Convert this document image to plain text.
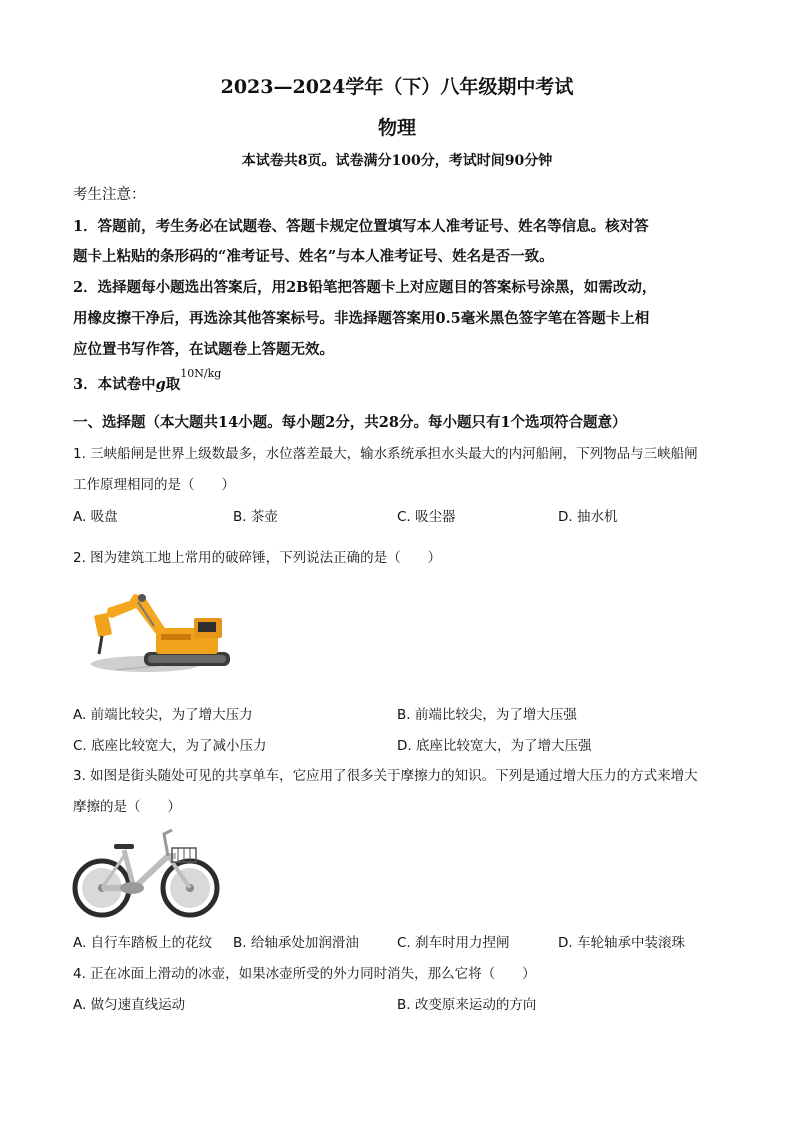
2023—2024学年（下）八年级期中考试
物理
本试卷共8页。试卷满分100分，考试时间90分钟
考生注意：
1．答题前，考生务必在试题卷、答题卡规定位置填写本人准考证号、姓名等信息。核对答
题卡上粘贴的条形码的“准考证号、姓名”与本人准考证号、姓名是否一致。
2．选择题每小题选出答案后，用2B铅笔把答题卡上对应题目的答案标号涂黑，如需改动，
用橡皮擦干净后，再选涂其他答案标号。非选择题答案用0.5毫米黑色签字笔在答题卡上相
应位置书写作答，在试题卷上答题无效。
3．本试卷中g取$^{10N/kg}$
一、选择题（本大题共14小题。每小题2分，共28分。每小题只有1个选项符合题意）
1. 三峡船闸是世界上级数最多，水位落差最大，输水系统承担水头最大的内河船闸，下列物品与三峡船闸
工作原理相同的是（　　）
A. 吸盘	B. 茶壶	C. 吸尘器	D. 抽水机
2. 图为建筑工地上常用的破碎锤，下列说法正确的是（　　）
A. 前端比较尖，为了增大压力	B. 前端比较尖，为了增大压强
C. 底座比较宽大，为了减小压力	D. 底座比较宽大，为了增大压强
3. 如图是街头随处可见的共享单车，它应用了很多关于摩擦力的知识。下列是通过增大压力的方式来增大
摩擦的是（　　）
A. 自行车踏板上的花纹 B. 给轴承处加润滑油	C. 刹车时用力捏闸	D. 车轮轴承中装滚珠
4. 正在冰面上滑动的冰壶，如果冰壶所受的外力同时消失，那么它将（　　）
A. 做匀速直线运动	B. 改变原来运动的方向
